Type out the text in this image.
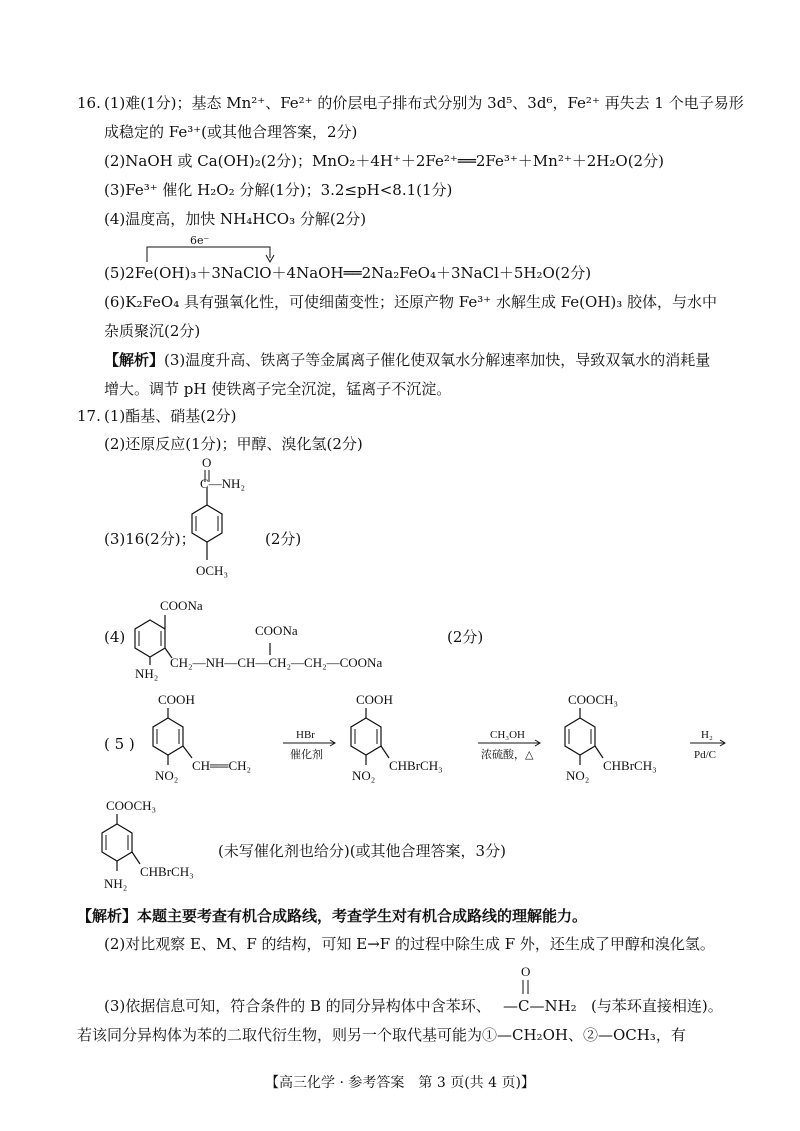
16. (1)难(1分)；基态 Mn²⁺、Fe²⁺ 的价层电子排布式分别为 3d⁵、3d⁶，Fe²⁺ 再失去 1 个电子易形
成稳定的 Fe³⁺(或其他合理答案，2分)
(2)NaOH 或 Ca(OH)₂(2分)；MnO₂＋4H⁺＋2Fe²⁺══2Fe³⁺＋Mn²⁺＋2H₂O(2分)
(3)Fe³⁺ 催化 H₂O₂ 分解(1分)；3.2≤pH<8.1(1分)
(4)温度高，加快 NH₄HCO₃ 分解(2分)
6e⁻
(5)2Fe(OH)₃＋3NaClO＋4NaOH══2Na₂FeO₄＋3NaCl＋5H₂O(2分)
(6)K₂FeO₄ 具有强氧化性，可使细菌变性；还原产物 Fe³⁺ 水解生成 Fe(OH)₃ 胶体，与水中
杂质聚沉(2分)
【解析】(3)温度升高、铁离子等金属离子催化使双氧水分解速率加快，导致双氧水的消耗量
增大。调节 pH 使铁离子完全沉淀，锰离子不沉淀。
17. (1)酯基、硝基(2分)
(2)还原反应(1分)；甲醇、溴化氢(2分)
(3)16(2分)；	(2分)
O
C—NH₂
OCH₃
(4)	(2分)
COONa
COONa
NH₂
CH₂—NH—CH—CH₂—CH₂—COONa
( 5 )
COOH
CH══CH₂
NO₂
HBr
催化剂
COOH
CHBrCH₃
NO₂
CH₃OH
浓硫酸，△
COOCH₃
CHBrCH₃
NO₂
H₂
Pd/C
COOCH₃
CHBrCH₃
NH₂
(未写催化剂也给分)(或其他合理答案，3分)
【解析】本题主要考查有机合成路线，考查学生对有机合成路线的理解能力。
(2)对比观察 E、M、F 的结构，可知 E→F 的过程中除生成 F 外，还生成了甲醇和溴化氢。
(3)依据信息可知，符合条件的 B 的同分异构体中含苯环、
O
—C—NH₂ (与苯环直接相连)。
若该同分异构体为苯的二取代衍生物，则另一个取代基可能为①—CH₂OH、②—OCH₃，有
【高三化学 · 参考答案　第 3 页(共 4 页)】
